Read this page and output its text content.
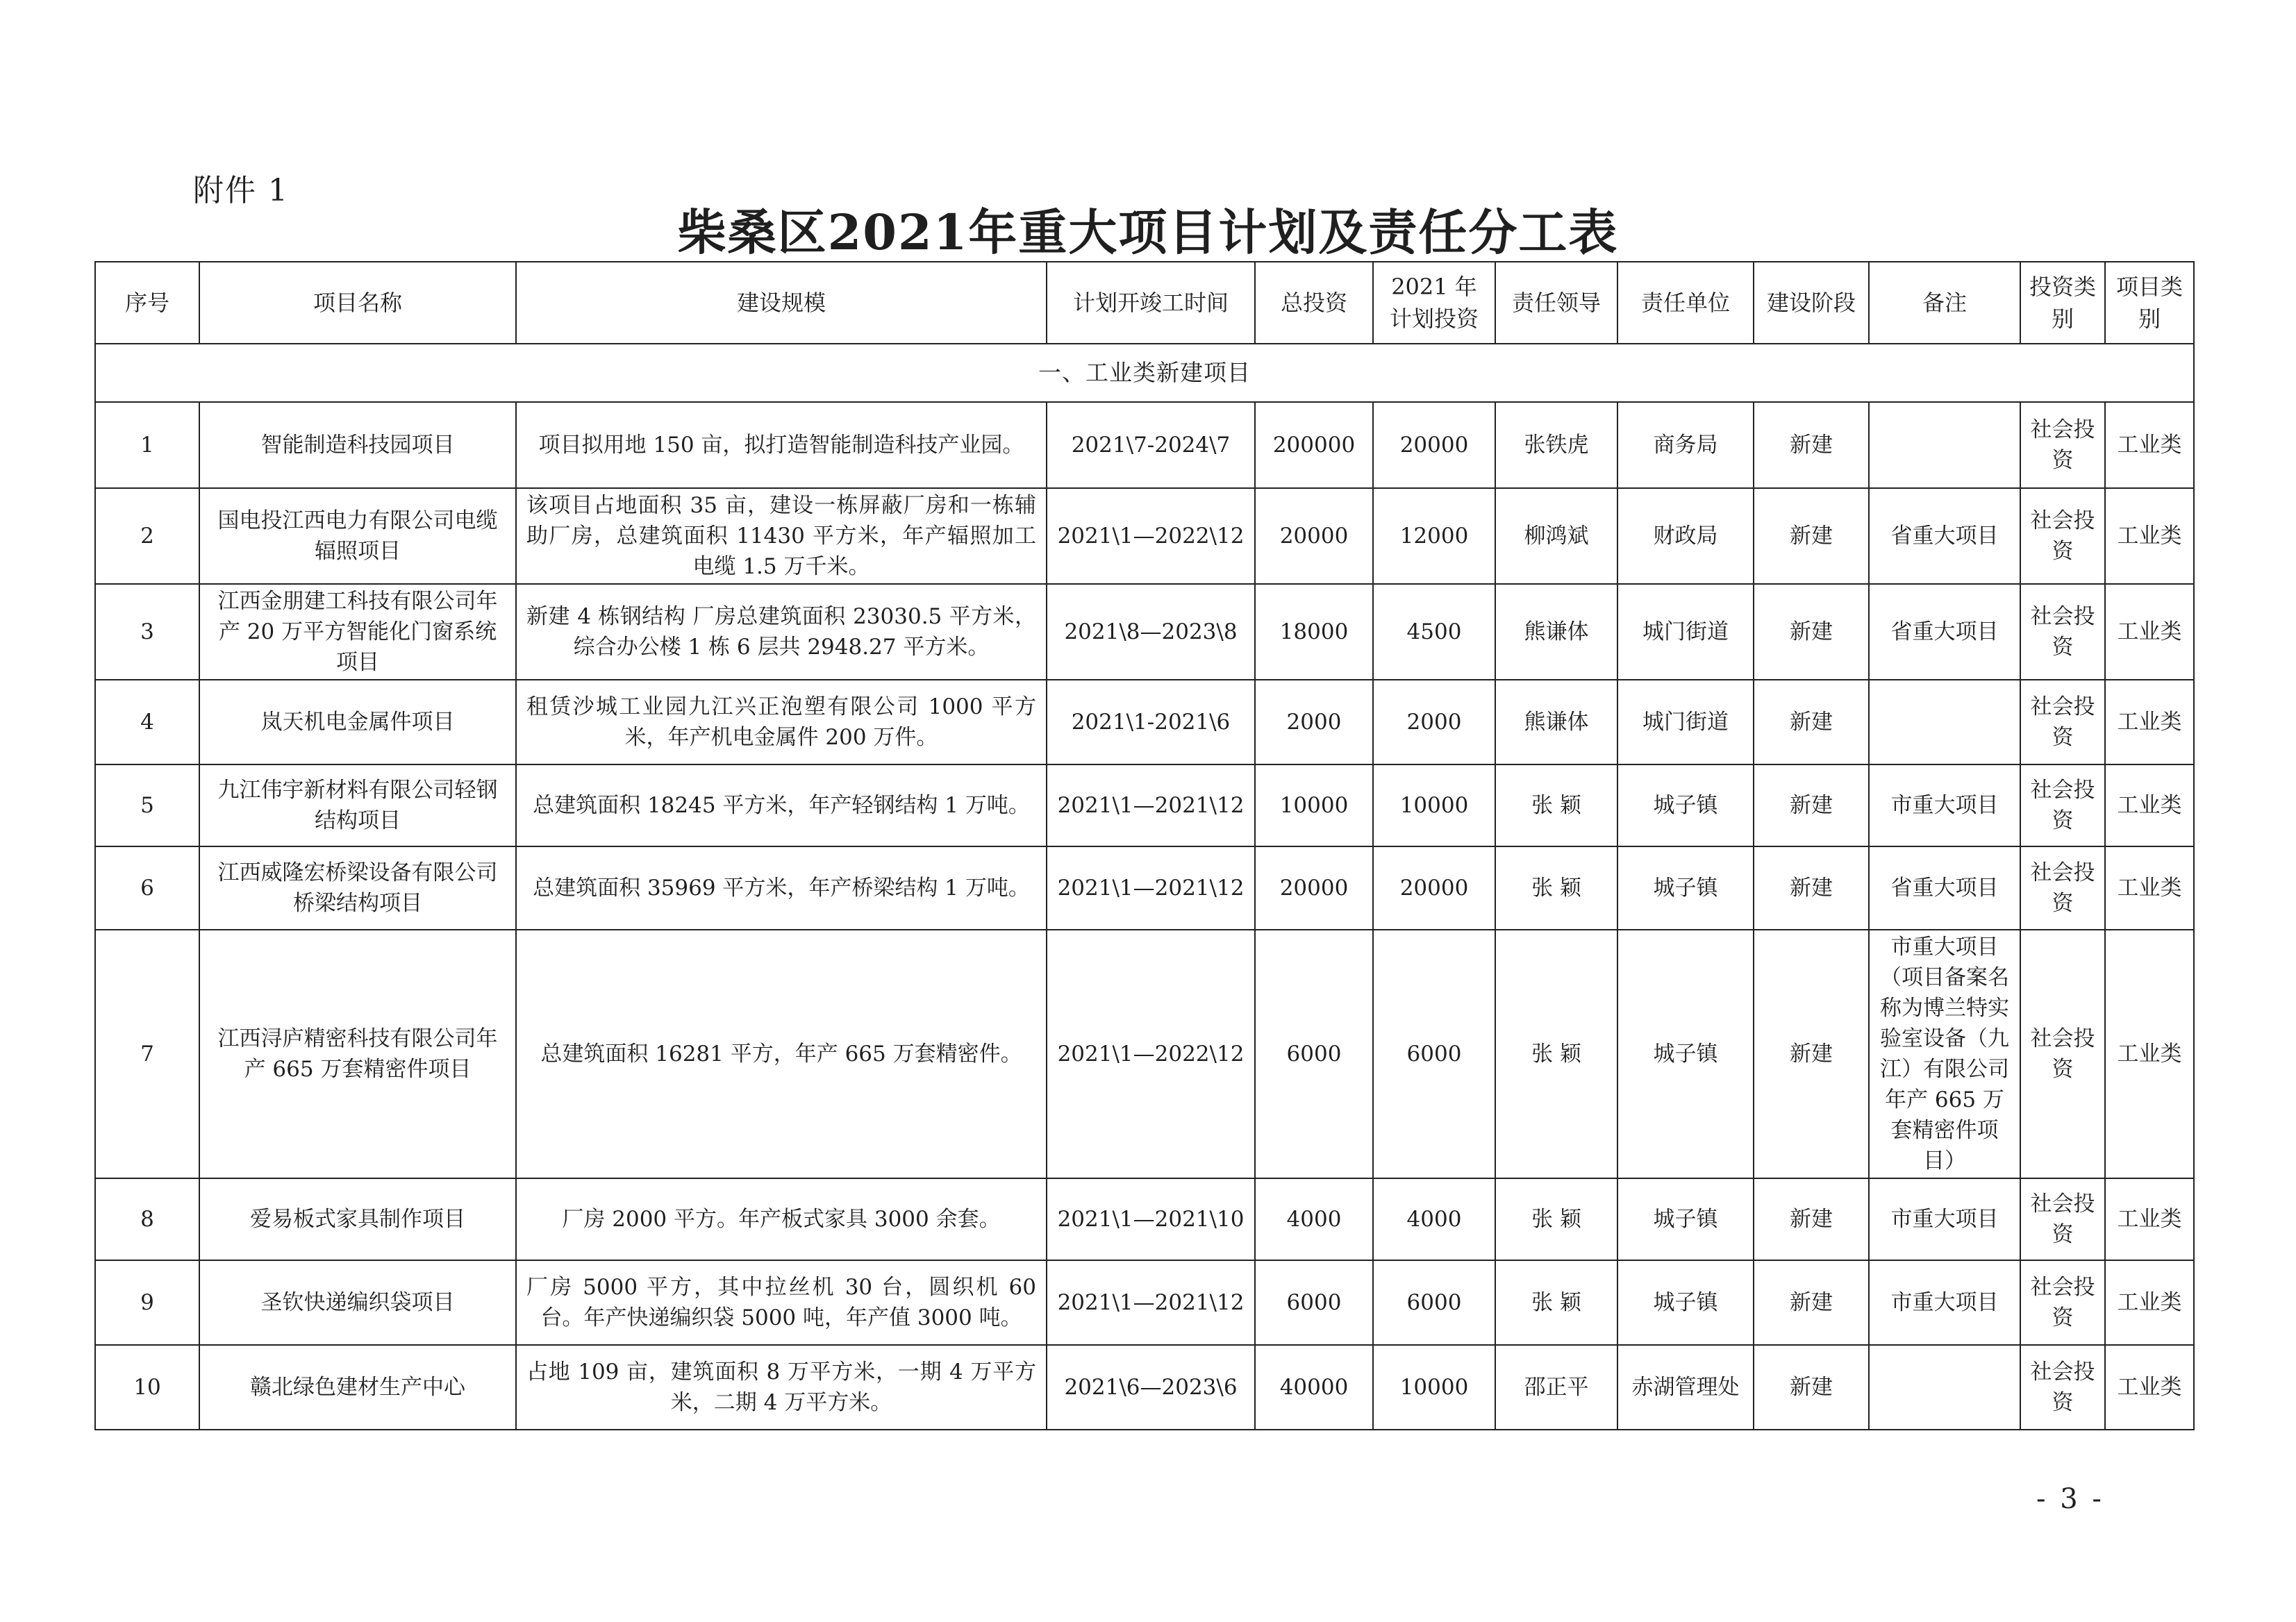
附件 1
柴桑区2021年重大项目计划及责任分工表
序号	项目名称	建设规模	计划开竣工时间	总投资	2021 年计划投资	责任领导	责任单位	建设阶段	备注	投资类别	项目类别
一、工业类新建项目											
1	智能制造科技园项目	项目拟用地 150 亩，拟打造智能制造科技产业园。	2021\7-2024\7	200000	20000	张铁虎	商务局	新建		社会投资	工业类
2	国电投江西电力有限公司电缆辐照项目	该项目占地面积 35 亩，建设一栋屏蔽厂房和一栋辅助厂房，总建筑面积 11430 平方米，年产辐照加工电缆 1.5 万千米。	2021\1—2022\12	20000	12000	柳鸿斌	财政局	新建	省重大项目	社会投资	工业类
3	江西金朋建工科技有限公司年产 20 万平方智能化门窗系统项目	新建 4 栋钢结构 厂房总建筑面积 23030.5 平方米，综合办公楼 1 栋 6 层共 2948.27 平方米。	2021\8—2023\8	18000	4500	熊谦体	城门街道	新建	省重大项目	社会投资	工业类
4	岚天机电金属件项目	租赁沙城工业园九江兴正泡塑有限公司 1000 平方米，年产机电金属件 200 万件。	2021\1-2021\6	2000	2000	熊谦体	城门街道	新建		社会投资	工业类
5	九江伟宇新材料有限公司轻钢结构项目	总建筑面积 18245 平方米，年产轻钢结构 1 万吨。	2021\1—2021\12	10000	10000	张 颖	城子镇	新建	市重大项目	社会投资	工业类
6	江西威隆宏桥梁设备有限公司桥梁结构项目	总建筑面积 35969 平方米，年产桥梁结构 1 万吨。	2021\1—2021\12	20000	20000	张 颖	城子镇	新建	省重大项目	社会投资	工业类
7	江西浔庐精密科技有限公司年产 665 万套精密件项目	总建筑面积 16281 平方，年产 665 万套精密件。	2021\1—2022\12	6000	6000	张 颖	城子镇	新建	市重大项目（项目备案名称为博兰特实验室设备（九江）有限公司年产 665 万套精密件项目）	社会投资	工业类
8	爱易板式家具制作项目	厂房 2000 平方。年产板式家具 3000 余套。	2021\1—2021\10	4000	4000	张 颖	城子镇	新建	市重大项目	社会投资	工业类
9	圣钦快递编织袋项目	厂房 5000 平方，其中拉丝机 30 台，圆织机 60 台。年产快递编织袋 5000 吨，年产值 3000 吨。	2021\1—2021\12	6000	6000	张 颖	城子镇	新建	市重大项目	社会投资	工业类
10	赣北绿色建材生产中心	占地 109 亩，建筑面积 8 万平方米，一期 4 万平方米，二期 4 万平方米。	2021\6—2023\6	40000	10000	邵正平	赤湖管理处	新建		社会投资	工业类
- 3 -
